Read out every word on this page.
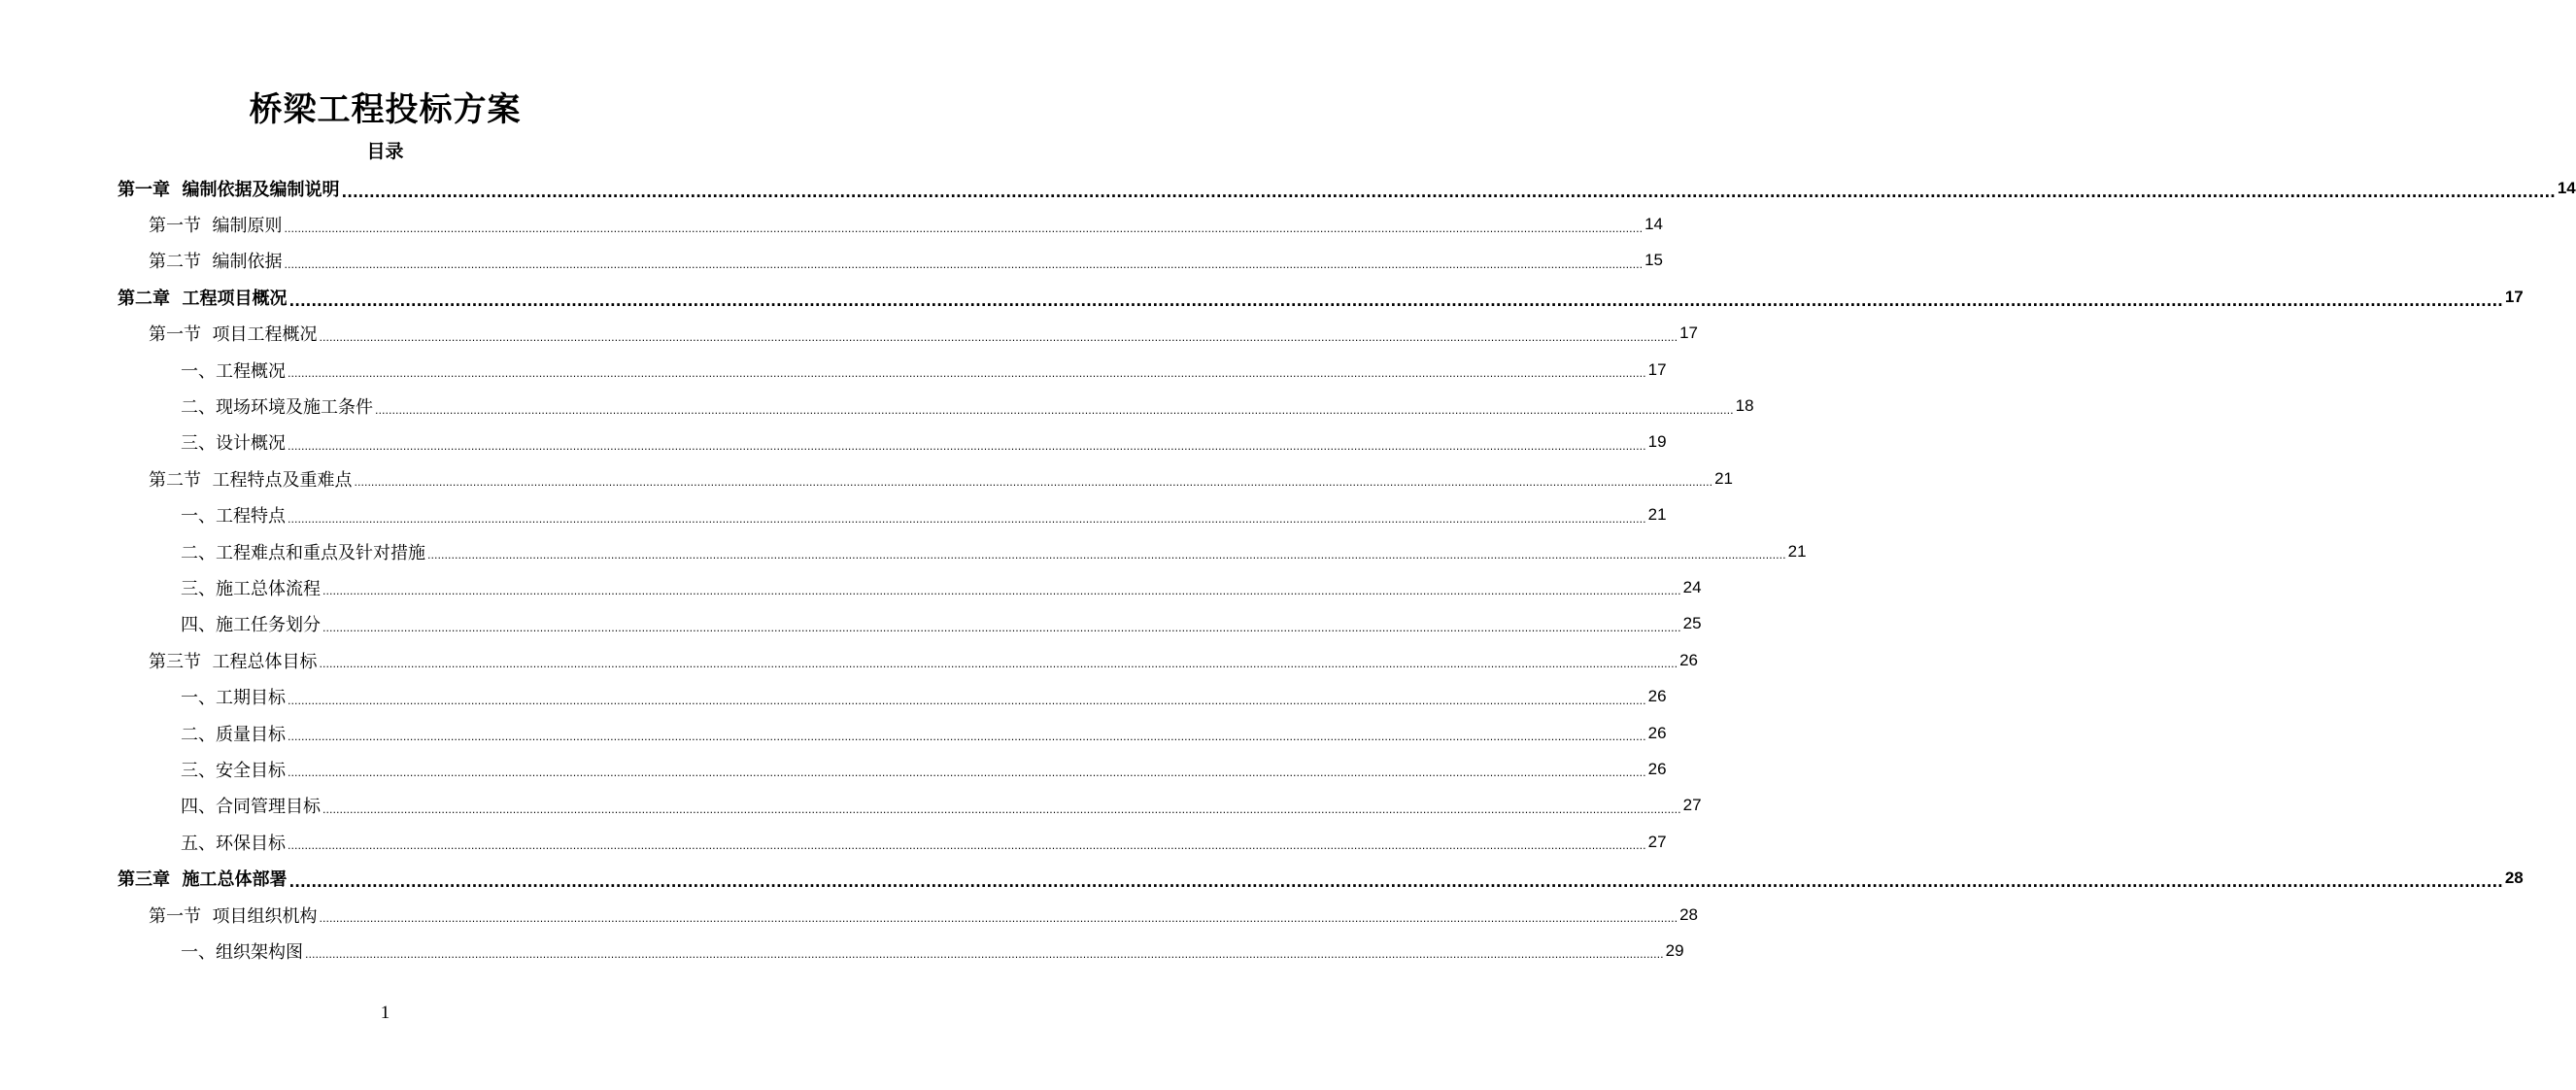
桥梁工程投标方案
目录
第一章  编制依据及编制说明 ................................................................................................................................................................................................................................................................................................................................................................................................................ 14
第一节  编制原则 ................................................................................................................................................................................................................................................................................................................................................................................................................ 14
第二节  编制依据 ................................................................................................................................................................................................................................................................................................................................................................................................................ 15
第二章  工程项目概况 ................................................................................................................................................................................................................................................................................................................................................................................................................ 17
第一节  项目工程概况 ................................................................................................................................................................................................................................................................................................................................................................................................................ 17
一、工程概况 ................................................................................................................................................................................................................................................................................................................................................................................................................ 17
二、现场环境及施工条件 ................................................................................................................................................................................................................................................................................................................................................................................................................ 18
三、设计概况 ................................................................................................................................................................................................................................................................................................................................................................................................................ 19
第二节  工程特点及重难点 ................................................................................................................................................................................................................................................................................................................................................................................................................ 21
一、工程特点 ................................................................................................................................................................................................................................................................................................................................................................................................................ 21
二、工程难点和重点及针对措施 ................................................................................................................................................................................................................................................................................................................................................................................................................ 21
三、施工总体流程 ................................................................................................................................................................................................................................................................................................................................................................................................................ 24
四、施工任务划分 ................................................................................................................................................................................................................................................................................................................................................................................................................ 25
第三节  工程总体目标 ................................................................................................................................................................................................................................................................................................................................................................................................................ 26
一、工期目标 ................................................................................................................................................................................................................................................................................................................................................................................................................ 26
二、质量目标 ................................................................................................................................................................................................................................................................................................................................................................................................................ 26
三、安全目标 ................................................................................................................................................................................................................................................................................................................................................................................................................ 26
四、合同管理目标 ................................................................................................................................................................................................................................................................................................................................................................................................................ 27
五、环保目标 ................................................................................................................................................................................................................................................................................................................................................................................................................ 27
第三章  施工总体部署 ................................................................................................................................................................................................................................................................................................................................................................................................................ 28
第一节  项目组织机构 ................................................................................................................................................................................................................................................................................................................................................................................................................ 28
一、组织架构图 ................................................................................................................................................................................................................................................................................................................................................................................................................ 29
1
